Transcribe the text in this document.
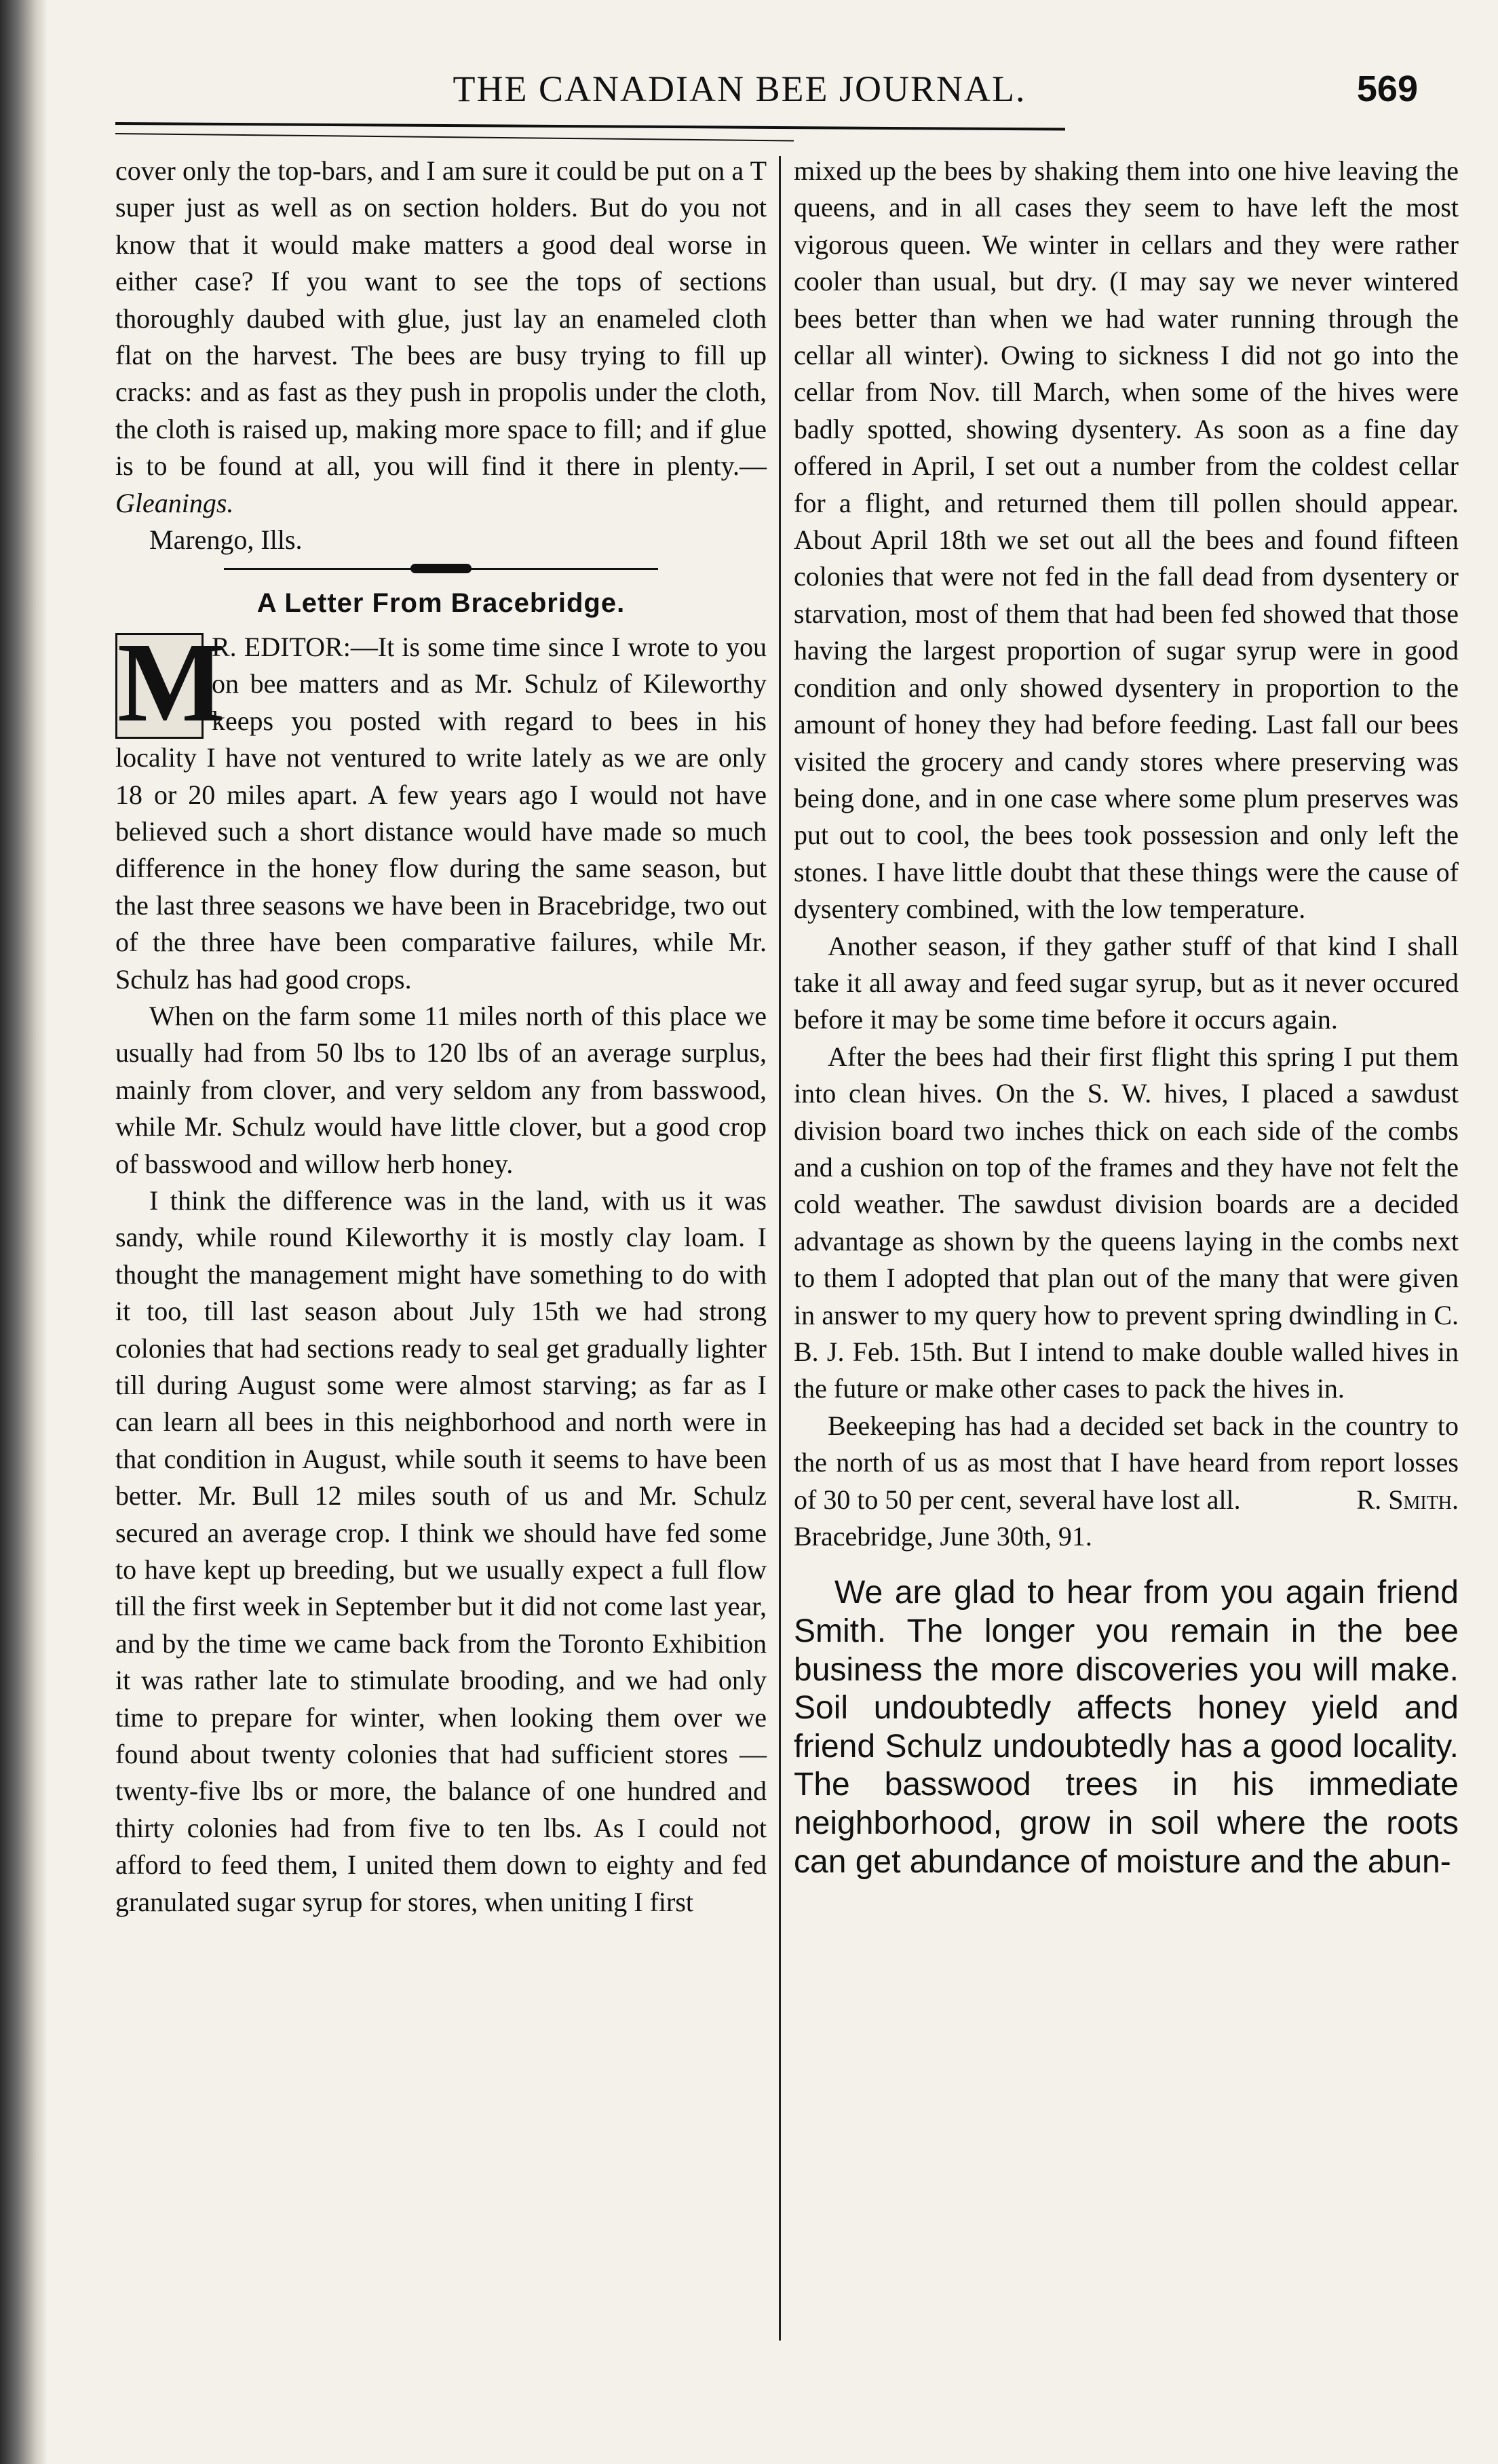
THE CANADIAN BEE JOURNAL.	569

cover only the top-bars, and I am sure it could be put on a T super just as well as on section holders. But do you not know that it would make matters a good deal worse in either case? If you want to see the tops of sections thoroughly daubed with glue, just lay an enameled cloth flat on the harvest. The bees are busy trying to fill up cracks: and as fast as they push in propolis under the cloth, the cloth is raised up, making more space to fill; and if glue is to be found at all, you will find it there in plenty.—Gleanings.

Marengo, Ills.

A Letter From Bracebridge.

M
R. EDITOR:—It is some time since I wrote to you on bee matters and as Mr. Schulz of Kileworthy keeps you posted with regard to bees in his locality I have not ventured to write lately as we are only 18 or 20 miles apart. A few years ago I would not have believed such a short distance would have made so much difference in the honey flow during the same season, but the last three seasons we have been in Bracebridge, two out of the three have been comparative failures, while Mr. Schulz has had good crops.

When on the farm some 11 miles north of this place we usually had from 50 lbs to 120 lbs of an average surplus, mainly from clover, and very seldom any from basswood, while Mr. Schulz would have little clover, but a good crop of basswood and willow herb honey.

I think the difference was in the land, with us it was sandy, while round Kileworthy it is mostly clay loam. I thought the management might have something to do with it too, till last season about July 15th we had strong colonies that had sections ready to seal get gradually lighter till during August some were almost starving; as far as I can learn all bees in this neighborhood and north were in that condition in August, while south it seems to have been better. Mr. Bull 12 miles south of us and Mr. Schulz secured an average crop. I think we should have fed some to have kept up breeding, but we usually expect a full flow till the first week in September but it did not come last year, and by the time we came back from the Toronto Exhibition it was rather late to stimulate brooding, and we had only time to prepare for winter, when looking them over we found about twenty colonies that had sufficient stores —twenty-five lbs or more, the balance of one hundred and thirty colonies had from five to ten lbs. As I could not afford to feed them, I united them down to eighty and fed granulated sugar syrup for stores, when uniting I first

mixed up the bees by shaking them into one hive leaving the queens, and in all cases they seem to have left the most vigorous queen. We winter in cellars and they were rather cooler than usual, but dry. (I may say we never wintered bees better than when we had water running through the cellar all winter). Owing to sickness I did not go into the cellar from Nov. till March, when some of the hives were badly spotted, showing dysentery. As soon as a fine day offered in April, I set out a number from the coldest cellar for a flight, and returned them till pollen should appear. About April 18th we set out all the bees and found fifteen colonies that were not fed in the fall dead from dysentery or starvation, most of them that had been fed showed that those having the largest proportion of sugar syrup were in good condition and only showed dysentery in proportion to the amount of honey they had before feeding. Last fall our bees visited the grocery and candy stores where preserving was being done, and in one case where some plum preserves was put out to cool, the bees took possession and only left the stones. I have little doubt that these things were the cause of dysentery combined, with the low temperature.

Another season, if they gather stuff of that kind I shall take it all away and feed sugar syrup, but as it never occured before it may be some time before it occurs again.

After the bees had their first flight this spring I put them into clean hives. On the S. W. hives, I placed a sawdust division board two inches thick on each side of the combs and a cushion on top of the frames and they have not felt the cold weather. The sawdust division boards are a decided advantage as shown by the queens laying in the combs next to them I adopted that plan out of the many that were given in answer to my query how to prevent spring dwindling in C. B. J. Feb. 15th. But I intend to make double walled hives in the future or make other cases to pack the hives in.

Beekeeping has had a decided set back in the country to the north of us as most that I have heard from report losses of 30 to 50 per cent, several have lost all.	R. Smith.

Bracebridge, June 30th, 91.

We are glad to hear from you again friend Smith. The longer you remain in the bee business the more discoveries you will make. Soil undoubtedly affects honey yield and friend Schulz undoubtedly has a good locality. The basswood trees in his immediate neighborhood, grow in soil where the roots can get abundance of moisture and the abun-
